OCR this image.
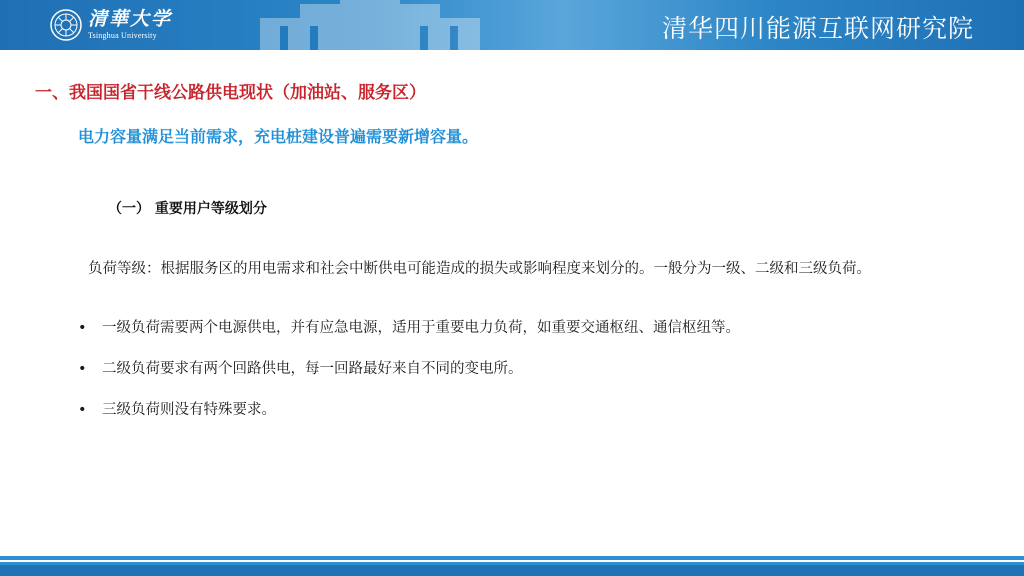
清華大学
Tsinghua University	清华四川能源互联网研究院
一、我国国省干线公路供电现状（加油站、服务区）
电力容量满足当前需求，充电桩建设普遍需要新增容量。
（一） 重要用户等级划分
负荷等级：根据服务区的用电需求和社会中断供电可能造成的损失或影响程度来划分的。一般分为一级、二级和三级负荷。
• 一级负荷需要两个电源供电，并有应急电源，适用于重要电力负荷，如重要交通枢纽、通信枢纽等。
• 二级负荷要求有两个回路供电，每一回路最好来自不同的变电所。
• 三级负荷则没有特殊要求。
